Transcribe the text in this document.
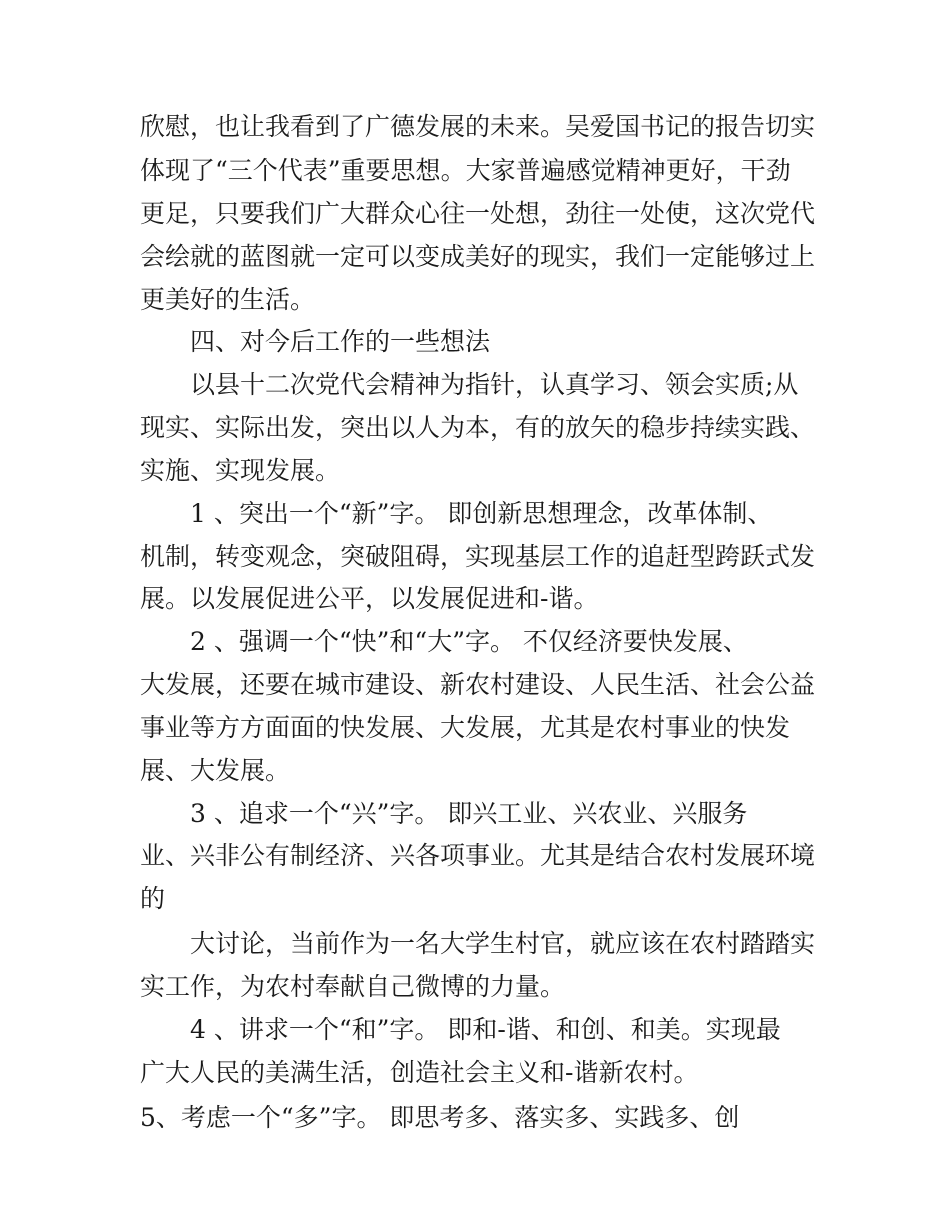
欣慰，也让我看到了广德发展的未来。吴爱国书记的报告切实
体现了“三个代表”重要思想。大家普遍感觉精神更好，干劲
更足，只要我们广大群众心往一处想，劲往一处使，这次党代
会绘就的蓝图就一定可以变成美好的现实，我们一定能够过上
更美好的生活。
四、对今后工作的一些想法
以县十二次党代会精神为指针，认真学习、领会实质;从
现实、实际出发，突出以人为本，有的放矢的稳步持续实践、
实施、实现发展。
1 、突出一个“新”字。 即创新思想理念，改革体制、
机制，转变观念，突破阻碍，实现基层工作的追赶型跨跃式发
展。以发展促进公平，以发展促进和-谐。
2 、强调一个“快”和“大”字。 不仅经济要快发展、
大发展，还要在城市建设、新农村建设、人民生活、社会公益
事业等方方面面的快发展、大发展，尤其是农村事业的快发
展、大发展。
3 、追求一个“兴”字。 即兴工业、兴农业、兴服务
业、兴非公有制经济、兴各项事业。尤其是结合农村发展环境
的
大讨论，当前作为一名大学生村官，就应该在农村踏踏实
实工作，为农村奉献自己微博的力量。
4 、讲求一个“和”字。 即和-谐、和创、和美。实现最
广大人民的美满生活，创造社会主义和-谐新农村。
5、考虑一个“多”字。 即思考多、落实多、实践多、创
